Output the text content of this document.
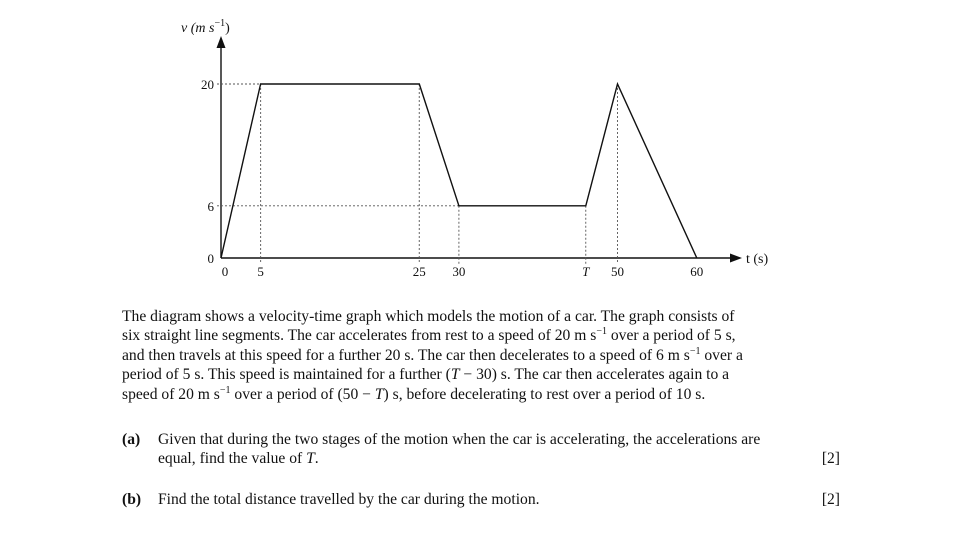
v (m $s^{-1}$)
t (s)
0
6
20
0 5	25 30	T 50	60
The diagram shows a velocity-time graph which models the motion of a car. The graph consists of
six straight line segments. The car accelerates from rest to a speed of 20 m $s^{-1}$ over a period of 5 s,
and then travels at this speed for a further 20 s. The car then decelerates to a speed of 6 m $s^{-1}$ over a
period of 5 s. This speed is maintained for a further (T − 30) s. The car then accelerates again to a
speed of 20 m $s^{-1}$ over a period of (50 − T) s, before decelerating to rest over a period of 10 s.
(a) Given that during the two stages of the motion when the car is accelerating, the accelerations are
equal, find the value of T.	[2]
(b) Find the total distance travelled by the car during the motion.	[2]
